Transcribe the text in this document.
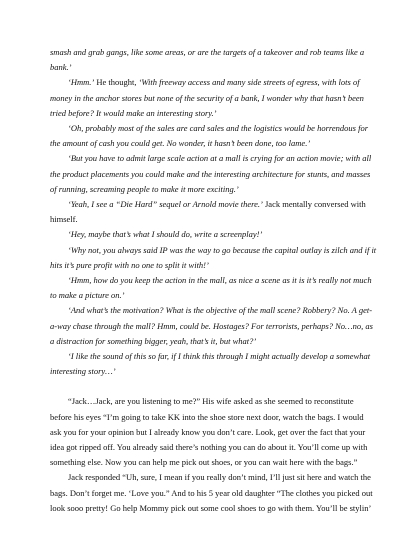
smash and grab gangs, like some areas, or are the targets of a takeover and rob teams like a bank.’

‘Hmm.’ He thought, ‘With freeway access and many side streets of egress, with lots of money in the anchor stores but none of the security of a bank, I wonder why that hasn’t been tried before? It would make an interesting story.’

‘Oh, probably most of the sales are card sales and the logistics would be horrendous for the amount of cash you could get. No wonder, it hasn’t been done, too lame.’

‘But you have to admit large scale action at a mall is crying for an action movie; with all the product placements you could make and the interesting architecture for stunts, and masses of running, screaming people to make it more exciting.’

‘Yeah, I see a “Die Hard” sequel or Arnold movie there.’ Jack mentally conversed with himself.

‘Hey, maybe that’s what I should do, write a screenplay!’

‘Why not, you always said IP was the way to go because the capital outlay is zilch and if it hits it’s pure profit with no one to split it with!’

‘Hmm, how do you keep the action in the mall, as nice a scene as it is it’s really not much to make a picture on.’

‘And what’s the motivation? What is the objective of the mall scene? Robbery? No. A get-a-way chase through the mall? Hmm, could be. Hostages? For terrorists, perhaps? No…no, as a distraction for something bigger, yeah, that’s it, but what?’

‘I like the sound of this so far, if I think this through I might actually develop a somewhat interesting story…’

“Jack…Jack, are you listening to me?” His wife asked as she seemed to reconstitute before his eyes “I’m going to take KK into the shoe store next door, watch the bags. I would ask you for your opinion but I already know you don’t care. Look, get over the fact that your idea got ripped off. You already said there’s nothing you can do about it. You’ll come up with something else. Now you can help me pick out shoes, or you can wait here with the bags.”

Jack responded “Uh, sure, I mean if you really don’t mind, I’ll just sit here and watch the bags. Don’t forget me. ‘Love you.” And to his 5 year old daughter “The clothes you picked out look sooo pretty! Go help Mommy pick out some cool shoes to go with them. You’ll be stylin’
